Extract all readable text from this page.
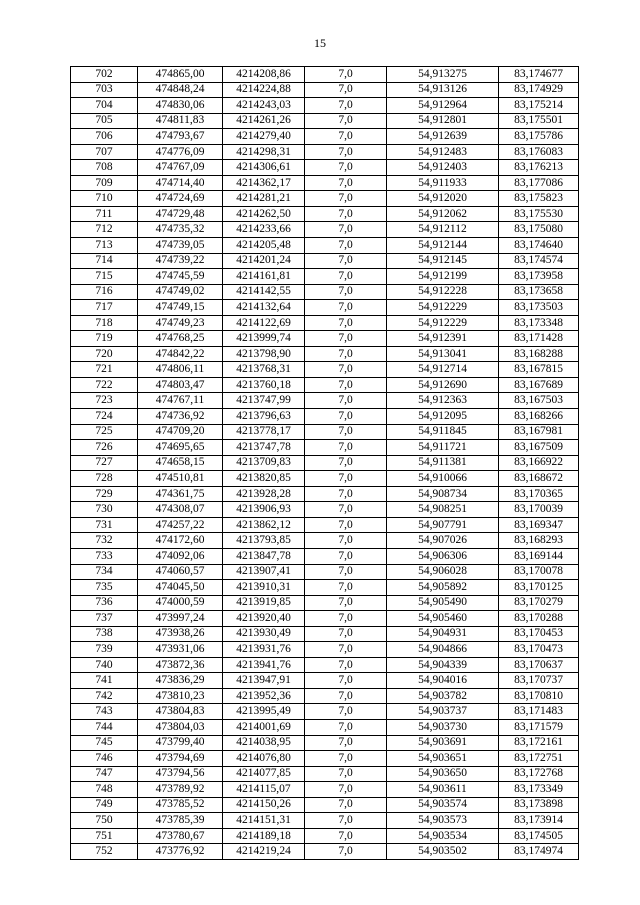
15
702	474865,00	4214208,86	7,0	54,913275	83,174677
703	474848,24	4214224,88	7,0	54,913126	83,174929
704	474830,06	4214243,03	7,0	54,912964	83,175214
705	474811,83	4214261,26	7,0	54,912801	83,175501
706	474793,67	4214279,40	7,0	54,912639	83,175786
707	474776,09	4214298,31	7,0	54,912483	83,176083
708	474767,09	4214306,61	7,0	54,912403	83,176213
709	474714,40	4214362,17	7,0	54,911933	83,177086
710	474724,69	4214281,21	7,0	54,912020	83,175823
711	474729,48	4214262,50	7,0	54,912062	83,175530
712	474735,32	4214233,66	7,0	54,912112	83,175080
713	474739,05	4214205,48	7,0	54,912144	83,174640
714	474739,22	4214201,24	7,0	54,912145	83,174574
715	474745,59	4214161,81	7,0	54,912199	83,173958
716	474749,02	4214142,55	7,0	54,912228	83,173658
717	474749,15	4214132,64	7,0	54,912229	83,173503
718	474749,23	4214122,69	7,0	54,912229	83,173348
719	474768,25	4213999,74	7,0	54,912391	83,171428
720	474842,22	4213798,90	7,0	54,913041	83,168288
721	474806,11	4213768,31	7,0	54,912714	83,167815
722	474803,47	4213760,18	7,0	54,912690	83,167689
723	474767,11	4213747,99	7,0	54,912363	83,167503
724	474736,92	4213796,63	7,0	54,912095	83,168266
725	474709,20	4213778,17	7,0	54,911845	83,167981
726	474695,65	4213747,78	7,0	54,911721	83,167509
727	474658,15	4213709,83	7,0	54,911381	83,166922
728	474510,81	4213820,85	7,0	54,910066	83,168672
729	474361,75	4213928,28	7,0	54,908734	83,170365
730	474308,07	4213906,93	7,0	54,908251	83,170039
731	474257,22	4213862,12	7,0	54,907791	83,169347
732	474172,60	4213793,85	7,0	54,907026	83,168293
733	474092,06	4213847,78	7,0	54,906306	83,169144
734	474060,57	4213907,41	7,0	54,906028	83,170078
735	474045,50	4213910,31	7,0	54,905892	83,170125
736	474000,59	4213919,85	7,0	54,905490	83,170279
737	473997,24	4213920,40	7,0	54,905460	83,170288
738	473938,26	4213930,49	7,0	54,904931	83,170453
739	473931,06	4213931,76	7,0	54,904866	83,170473
740	473872,36	4213941,76	7,0	54,904339	83,170637
741	473836,29	4213947,91	7,0	54,904016	83,170737
742	473810,23	4213952,36	7,0	54,903782	83,170810
743	473804,83	4213995,49	7,0	54,903737	83,171483
744	473804,03	4214001,69	7,0	54,903730	83,171579
745	473799,40	4214038,95	7,0	54,903691	83,172161
746	473794,69	4214076,80	7,0	54,903651	83,172751
747	473794,56	4214077,85	7,0	54,903650	83,172768
748	473789,92	4214115,07	7,0	54,903611	83,173349
749	473785,52	4214150,26	7,0	54,903574	83,173898
750	473785,39	4214151,31	7,0	54,903573	83,173914
751	473780,67	4214189,18	7,0	54,903534	83,174505
752	473776,92	4214219,24	7,0	54,903502	83,174974
